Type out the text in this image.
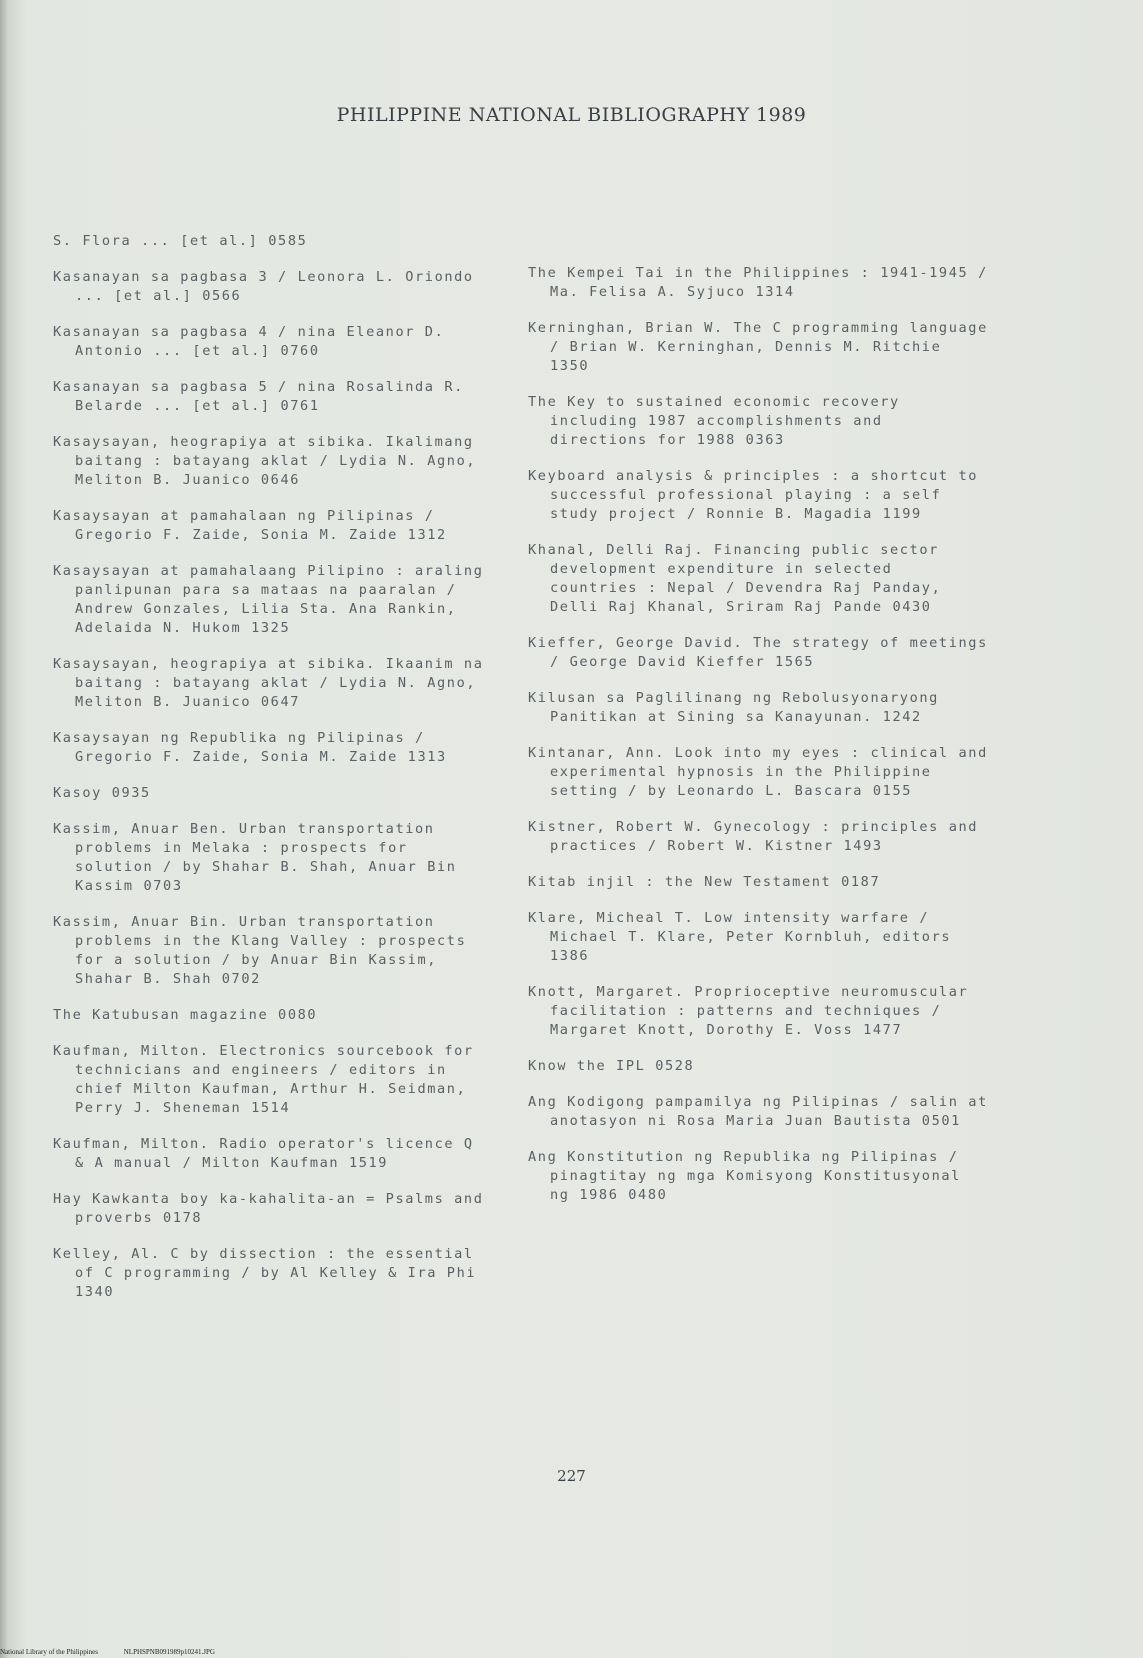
PHILIPPINE NATIONAL BIBLIOGRAPHY 1989
S. Flora ... [et al.] 0585
Kasanayan sa pagbasa 3 / Leonora L. Oriondo ... [et al.] 0566
Kasanayan sa pagbasa 4 / nina Eleanor D. Antonio ... [et al.] 0760
Kasanayan sa pagbasa 5 / nina Rosalinda R. Belarde ... [et al.] 0761
Kasaysayan, heograpiya at sibika. Ikalimang baitang : batayang aklat / Lydia N. Agno, Meliton B. Juanico 0646
Kasaysayan at pamahalaan ng Pilipinas / Gregorio F. Zaide, Sonia M. Zaide 1312
Kasaysayan at pamahalaang Pilipino : araling panlipunan para sa mataas na paaralan / Andrew Gonzales, Lilia Sta. Ana Rankin, Adelaida N. Hukom 1325
Kasaysayan, heograpiya at sibika. Ikaanim na baitang : batayang aklat / Lydia N. Agno, Meliton B. Juanico 0647
Kasaysayan ng Republika ng Pilipinas / Gregorio F. Zaide, Sonia M. Zaide 1313
Kasoy 0935
Kassim, Anuar Ben. Urban transportation problems in Melaka : prospects for solution / by Shahar B. Shah, Anuar Bin Kassim 0703
Kassim, Anuar Bin. Urban transportation problems in the Klang Valley : prospects for a solution / by Anuar Bin Kassim, Shahar B. Shah 0702
The Katubusan magazine 0080
Kaufman, Milton. Electronics sourcebook for technicians and engineers / editors in chief Milton Kaufman, Arthur H. Seidman, Perry J. Sheneman 1514
Kaufman, Milton. Radio operator's licence Q & A manual / Milton Kaufman 1519
Hay Kawkanta boy ka-kahalita-an = Psalms and proverbs 0178
Kelley, Al. C by dissection : the essential of C programming / by Al Kelley & Ira Phi 1340
The Kempei Tai in the Philippines : 1941-1945 / Ma. Felisa A. Syjuco 1314
Kerninghan, Brian W. The C programming language / Brian W. Kerninghan, Dennis M. Ritchie 1350
The Key to sustained economic recovery including 1987 accomplishments and directions for 1988 0363
Keyboard analysis & principles : a shortcut to successful professional playing : a self study project / Ronnie B. Magadia 1199
Khanal, Delli Raj. Financing public sector development expenditure in selected countries : Nepal / Devendra Raj Panday, Delli Raj Khanal, Sriram Raj Pande 0430
Kieffer, George David. The strategy of meetings / George David Kieffer 1565
Kilusan sa Paglilinang ng Rebolusyonaryong Panitikan at Sining sa Kanayunan. 1242
Kintanar, Ann. Look into my eyes : clinical and experimental hypnosis in the Philippine setting / by Leonardo L. Bascara 0155
Kistner, Robert W. Gynecology : principles and practices / Robert W. Kistner 1493
Kitab injil : the New Testament 0187
Klare, Micheal T. Low intensity warfare / Michael T. Klare, Peter Kornbluh, editors 1386
Knott, Margaret. Proprioceptive neuromuscular facilitation : patterns and techniques / Margaret Knott, Dorothy E. Voss 1477
Know the IPL 0528
Ang Kodigong pampamilya ng Pilipinas / salin at anotasyon ni Rosa Maria Juan Bautista 0501
Ang Konstitution ng Republika ng Pilipinas / pinagtitay ng mga Komisyong Konstitusyonal ng 1986 0480
227
National Library of the Philippines	NLPHSPNB091989p10241.JPG
